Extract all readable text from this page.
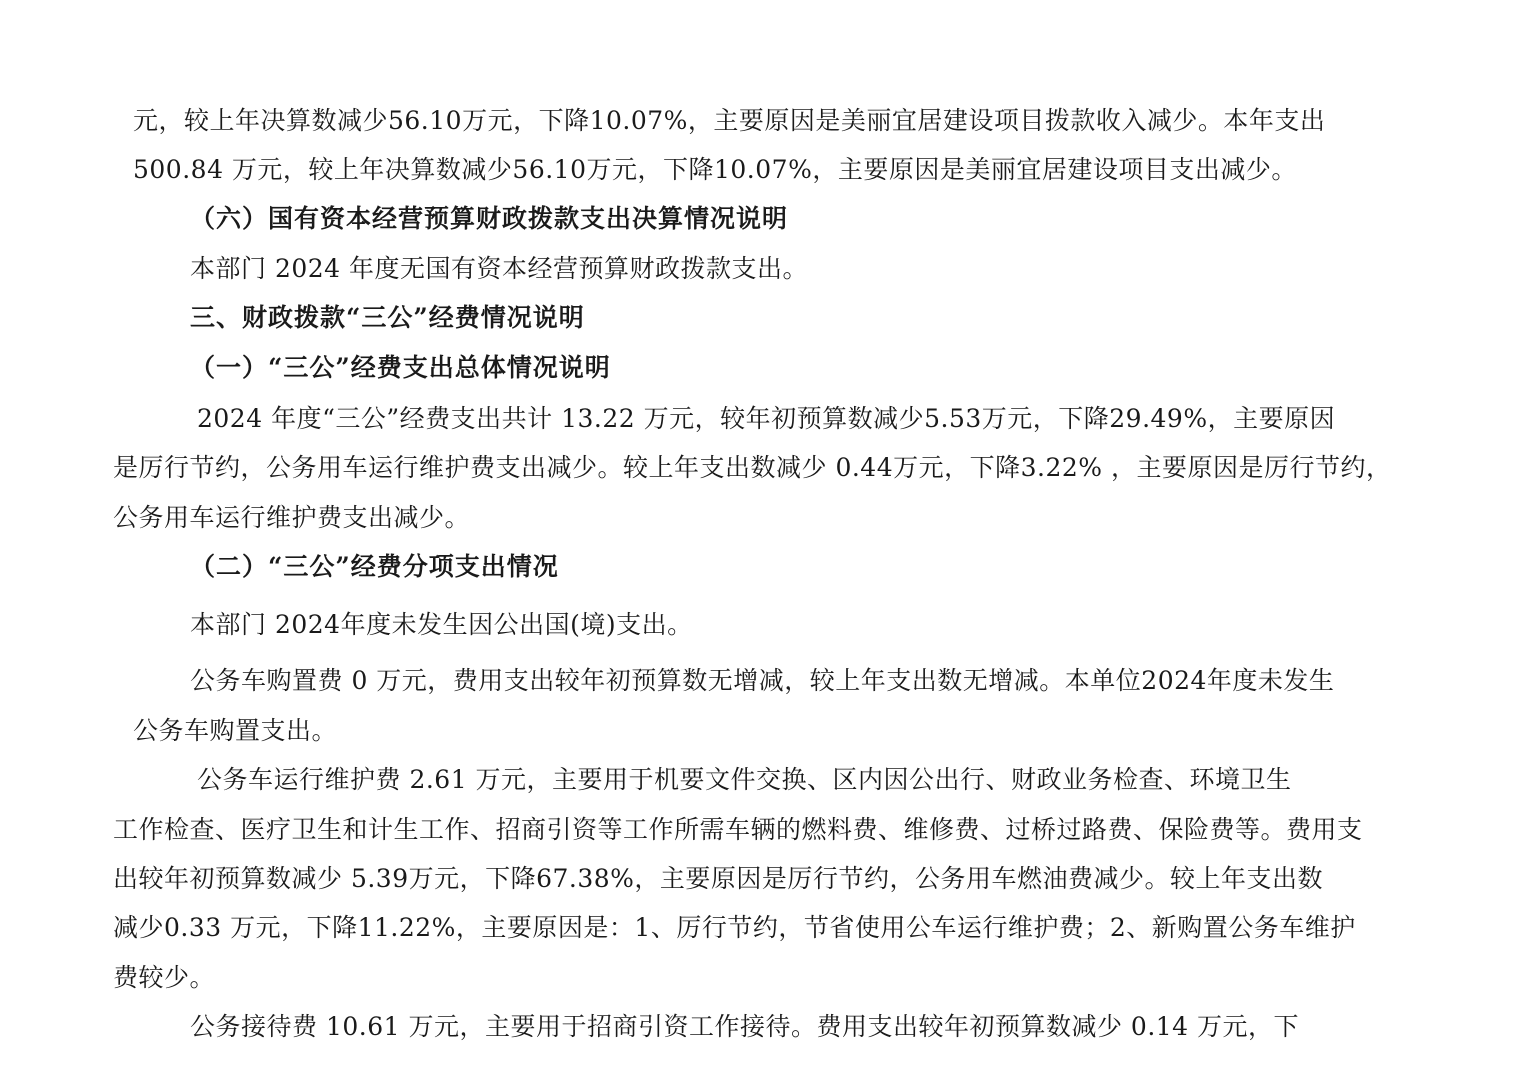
元，较上年决算数减少56.10万元，下降10.07%，主要原因是美丽宜居建设项目拨款收入减少。本年支出
500.84 万元，较上年决算数减少56.10万元，下降10.07%，主要原因是美丽宜居建设项目支出减少。
（六）国有资本经营预算财政拨款支出决算情况说明
本部门 2024 年度无国有资本经营预算财政拨款支出。
三、财政拨款“三公”经费情况说明
（一）“三公”经费支出总体情况说明
2024 年度“三公”经费支出共计 13.22 万元，较年初预算数减少5.53万元，下降29.49%，主要原因
是厉行节约，公务用车运行维护费支出减少。较上年支出数减少 0.44万元，下降3.22% ，主要原因是厉行节约，
公务用车运行维护费支出减少。
（二）“三公”经费分项支出情况
本部门 2024年度未发生因公出国(境)支出。
公务车购置费 0 万元，费用支出较年初预算数无增减，较上年支出数无增减。本单位2024年度未发生
公务车购置支出。
公务车运行维护费 2.61 万元，主要用于机要文件交换、区内因公出行、财政业务检查、环境卫生
工作检查、医疗卫生和计生工作、招商引资等工作所需车辆的燃料费、维修费、过桥过路费、保险费等。费用支
出较年初预算数减少 5.39万元，下降67.38%，主要原因是厉行节约，公务用车燃油费减少。较上年支出数
减少0.33 万元，下降11.22%，主要原因是：1、厉行节约，节省使用公车运行维护费；2、新购置公务车维护
费较少。
公务接待费 10.61 万元，主要用于招商引资工作接待。费用支出较年初预算数减少 0.14 万元，下
